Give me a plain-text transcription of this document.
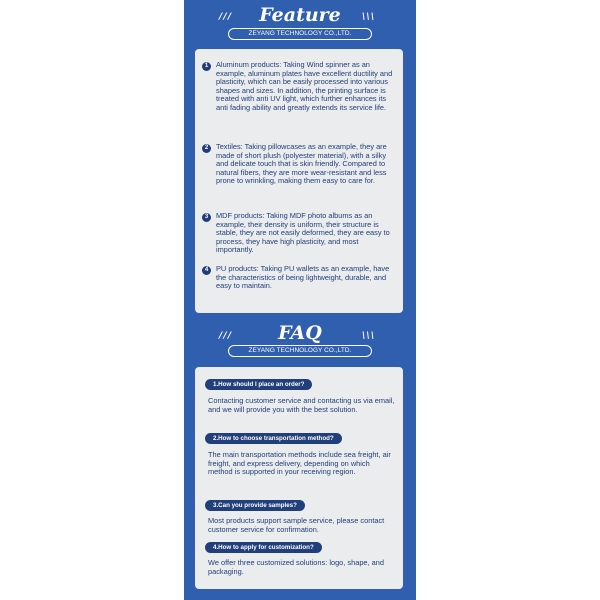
/ / /	Feature	\ \ \
ZEYANG TECHNOLOGY CO.,LTD.
1	Aluminum products: Taking Wind spinner as an example, aluminum plates have excellent ductility and plasticity, which can be easily processed into various shapes and sizes. In addition, the printing surface is treated with anti UV light, which further enhances its anti fading ability and greatly extends its service life.
2	Textiles: Taking pillowcases as an example, they are made of short plush (polyester material), with a silky and delicate touch that is skin friendly. Compared to natural fibers, they are more wear-resistant and less prone to wrinkling, making them easy to care for.
3	MDF products: Taking MDF photo albums as an example, their density is uniform, their structure is stable, they are not easily deformed, they are easy to process, they have high plasticity, and most importantly.
4	PU products: Taking PU wallets as an example, have the characteristics of being lightweight, durable, and easy to maintain.
/ / /	FAQ	\ \ \
ZEYANG TECHNOLOGY CO.,LTD.
1.How should I place an order?
Contacting customer service and contacting us via email, and we will provide you with the best solution.
2.How to choose transportation method?
The main transportation methods include sea freight, air freight, and express delivery, depending on which method is supported in your receiving region.
3.Can you provide samples?
Most products support sample service, please contact customer service for confirmation.
4.How to apply for customization?
We offer three customized solutions: logo, shape, and packaging.
